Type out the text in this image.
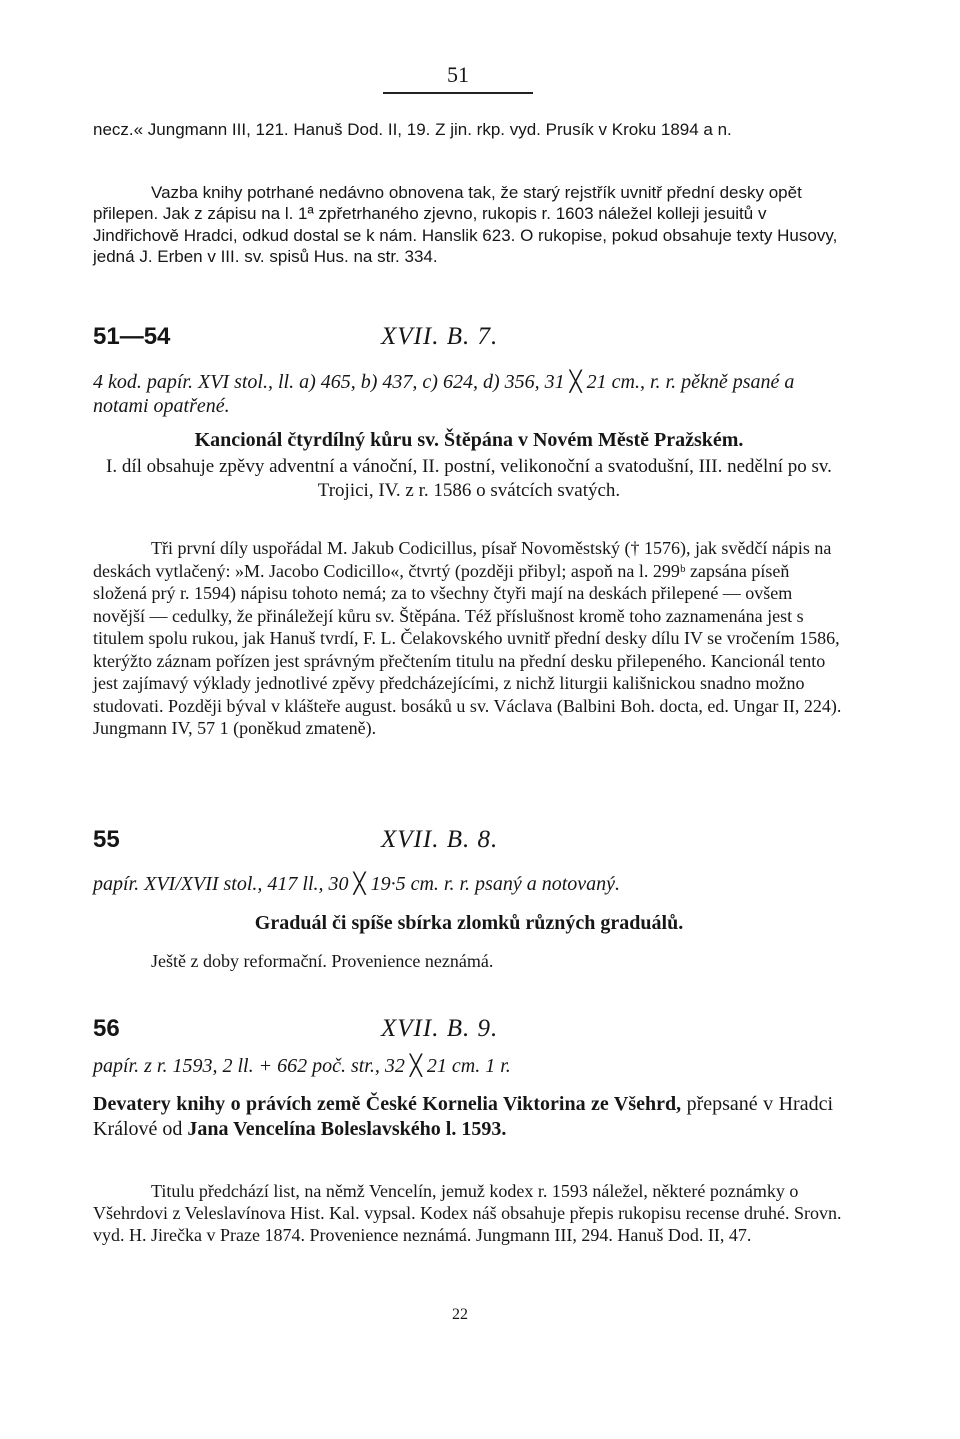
51

necz.« Jungmann III, 121. Hanuš Dod. II, 19. Z jin. rkp. vyd. Prusík v Kroku 1894 a n.

Vazba knihy potrhané nedávno obnovena tak, že starý rejstřík uvnitř přední desky opět přilepen. Jak z zápisu na l. 1ª zpřetrhaného zjevno, rukopis r. 1603 náležel kolleji jesuitů v Jindřichově Hradci, odkud dostal se k nám. Hanslik 623. O rukopise, pokud obsahuje texty Husovy, jedná J. Erben v III. sv. spisů Hus. na str. 334.

51—54	XVII. B. 7.

4 kod. papír. XVI stol., ll. a) 465, b) 437, c) 624, d) 356, 31 ╳ 21 cm., r. r. pěkně psané a notami opatřené.

Kancionál čtyrdílný kůru sv. Štěpána v Novém Městě Pražském.

I. díl obsahuje zpěvy adventní a vánoční, II. postní, velikonoční a svatodušní, III. nedělní po sv. Trojici, IV. z r. 1586 o svátcích svatých.

Tři první díly uspořádal M. Jakub Codicillus, písař Novoměstský († 1576), jak svědčí nápis na deskách vytlačený: »M. Jacobo Codicillo«, čtvrtý (později přibyl; aspoň na l. 299ᵇ zapsána píseň složená prý r. 1594) nápisu tohoto nemá; za to všechny čtyři mají na deskách přilepené — ovšem novější — cedulky, že přináležejí kůru sv. Štěpána. Též příslušnost kromě toho zaznamenána jest s titulem spolu rukou, jak Hanuš tvrdí, F. L. Čelakovského uvnitř přední desky dílu IV se vročením 1586, kterýžto záznam pořízen jest správným přečtením titulu na přední desku přilepeného. Kancionál tento jest zajímavý výklady jednotlivé zpěvy předcházejícími, z nichž liturgii kališnickou snadno možno studovati. Později býval v klášteře august. bosáků u sv. Václava (Balbini Boh. docta, ed. Ungar II, 224). Jungmann IV, 57 1 (poněkud zmateně).

55	XVII. B. 8.

papír. XVI/XVII stol., 417 ll., 30 ╳ 19·5 cm. r. r. psaný a notovaný.

Graduál či spíše sbírka zlomků různých graduálů.

Ještě z doby reformační. Provenience neznámá.

56	XVII. B. 9.

papír. z r. 1593, 2 ll. + 662 pоč. str., 32 ╳ 21 cm. 1 r.

Devatery knihy o právích země České Kornelia Viktorina ze Všehrd, přepsané v Hradci Králové od Jana Vencelína Boleslavského l. 1593.

Titulu předchází list, na němž Vencelín, jemuž kodex r. 1593 náležel, některé poznámky o Všehrdovi z Veleslavínova Hist. Kal. vypsal. Kodex náš obsahuje přepis rukopisu recense druhé. Srovn. vyd. H. Jirečka v Praze 1874. Provenience neznámá. Jungmann III, 294. Hanuš Dod. II, 47.

22
